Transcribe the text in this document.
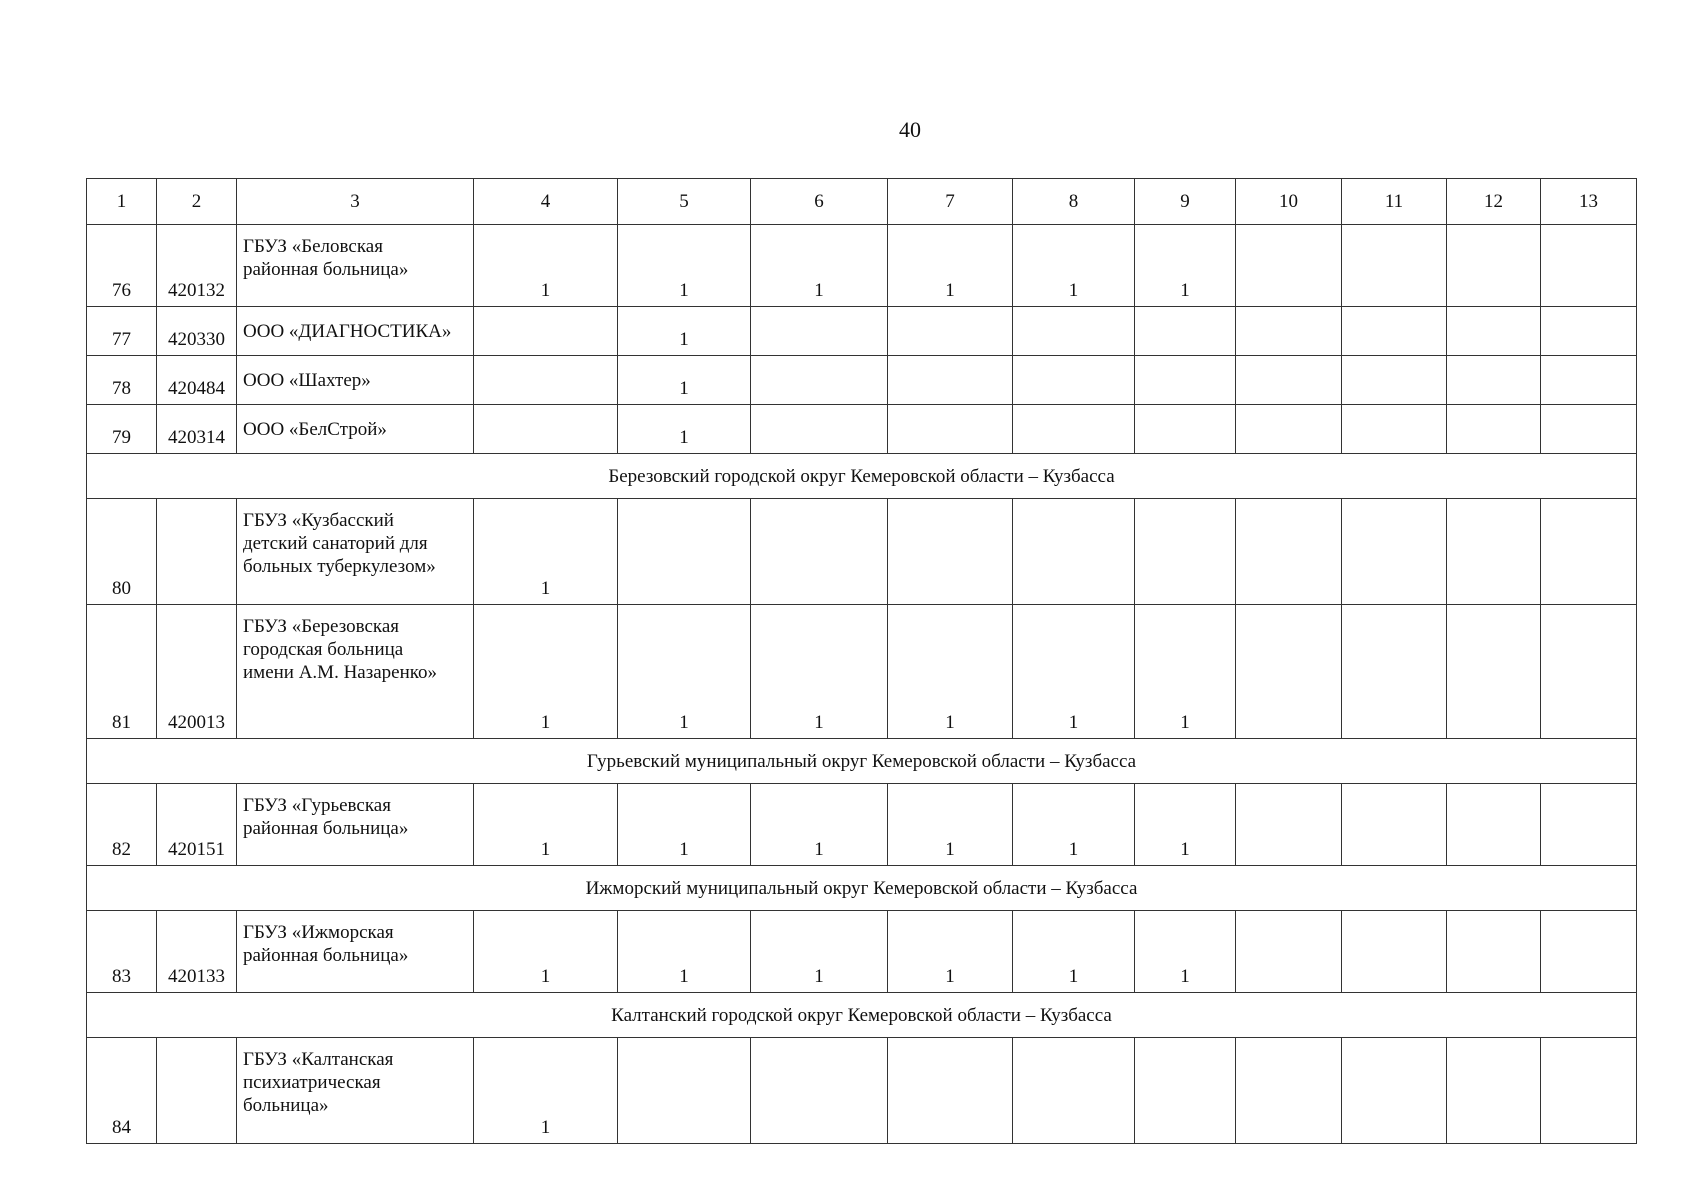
40
1	2	3	4	5	6	7	8	9	10	11	12	13
76	420132	ГБУЗ «Беловская
районная больница»	1	1	1	1	1	1				
77	420330	ООО «ДИАГНОСТИКА»		1								
78	420484	ООО «Шахтер»		1								
79	420314	ООО «БелСтрой»		1								
Березовский городской округ Кемеровской области – Кузбасса												
80		ГБУЗ «Кузбасский
детский санаторий для
больных туберкулезом»	1									
81	420013	ГБУЗ «Березовская
городская больница
имени А.М. Назаренко»	1	1	1	1	1	1				
Гурьевский муниципальный округ Кемеровской области – Кузбасса												
82	420151	ГБУЗ «Гурьевская
районная больница»	1	1	1	1	1	1				
Ижморский муниципальный округ Кемеровской области – Кузбасса												
83	420133	ГБУЗ «Ижморская
районная больница»	1	1	1	1	1	1				
Калтанский городской округ Кемеровской области – Кузбасса												
84		ГБУЗ «Калтанская
психиатрическая
больница»	1									
